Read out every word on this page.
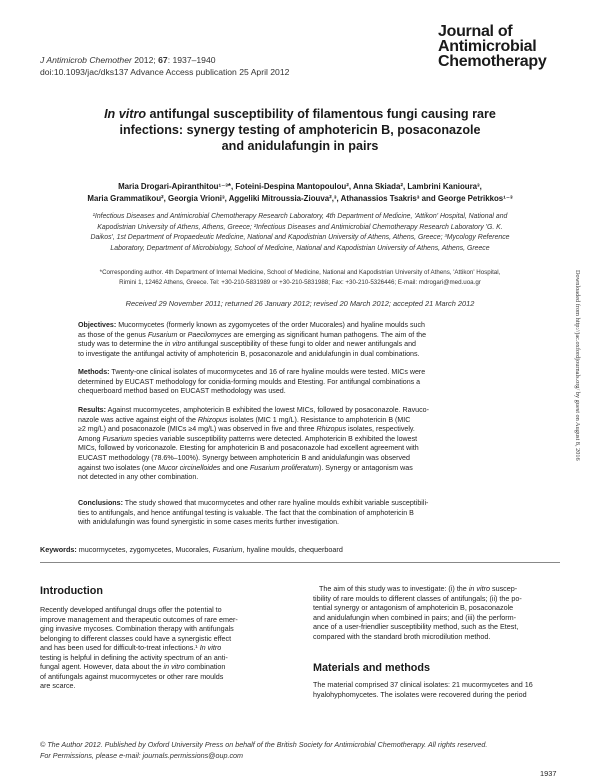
J Antimicrob Chemother 2012; 67: 1937–1940
doi:10.1093/jac/dks137 Advance Access publication 25 April 2012
Journal of
Antimicrobial
Chemotherapy
In vitro antifungal susceptibility of filamentous fungi causing rare
infections: synergy testing of amphotericin B, posaconazole
and anidulafungin in pairs
Maria Drogari-Apiranthitou¹⁻³*, Foteini-Despina Mantopoulou², Anna Skiada², Lambrini Kanioura³,
Maria Grammatikou², Georgia Vrioni³, Aggeliki Mitroussia-Ziouva²,³, Athanassios Tsakris³ and George Petrikkos¹⁻³
¹Infectious Diseases and Antimicrobial Chemotherapy Research Laboratory, 4th Department of Medicine, 'Attikon' Hospital, National and
Kapodistrian University of Athens, Athens, Greece; ²Infectious Diseases and Antimicrobial Chemotherapy Research Laboratory 'G. K.
Daikos', 1st Department of Propaedeutic Medicine, National and Kapodistrian University of Athens, Athens, Greece; ³Mycology Reference
Laboratory, Department of Microbiology, School of Medicine, National and Kapodistrian University of Athens, Athens, Greece
*Corresponding author. 4th Department of Internal Medicine, School of Medicine, National and Kapodistrian University of Athens, 'Attikon' Hospital,
Rimini 1, 12462 Athens, Greece. Tel: +30-210-5831989 or +30-210-5831988; Fax: +30-210-5326446; E-mail: mdrogari@med.uoa.gr
Received 29 November 2011; returned 26 January 2012; revised 20 March 2012; accepted 21 March 2012
Objectives: Mucormycetes (formerly known as zygomycetes of the order Mucorales) and hyaline moulds such
as those of the genus Fusarium or Paecilomyces are emerging as significant human pathogens. The aim of the
study was to determine the in vitro antifungal susceptibility of these fungi to older and newer antifungals and
to investigate the antifungal activity of amphotericin B, posaconazole and anidulafungin in dual combinations.
Methods: Twenty-one clinical isolates of mucormycetes and 16 of rare hyaline moulds were tested. MICs were
determined by EUCAST methodology for conidia-forming moulds and Etesting. For antifungal combinations a
chequerboard method based on EUCAST methodology was used.
Results: Against mucormycetes, amphotericin B exhibited the lowest MICs, followed by posaconazole. Ravuco-
nazole was active against eight of the Rhizopus isolates (MIC 1 mg/L). Resistance to amphotericin B (MIC
≥2 mg/L) and posaconazole (MICs ≥4 mg/L) was observed in five and three Rhizopus isolates, respectively.
Among Fusarium species variable susceptibility patterns were detected. Amphotericin B exhibited the lowest
MICs, followed by voriconazole. Etesting for amphotericin B and posaconazole had excellent agreement with
EUCAST methodology (78.6%–100%). Synergy between amphotericin B and anidulafungin was observed
against two isolates (one Mucor circinelloides and one Fusarium proliferatum). Synergy or antagonism was
not detected in any other combination.
Conclusions: The study showed that mucormycetes and other rare hyaline moulds exhibit variable susceptibili-
ties to antifungals, and hence antifungal testing is valuable. The fact that the combination of amphotericin B
with anidulafungin was found synergistic in some cases merits further investigation.
Keywords: mucormycetes, zygomycetes, Mucorales, Fusarium, hyaline moulds, chequerboard
Introduction
Recently developed antifungal drugs offer the potential to
improve management and therapeutic outcomes of rare emer-
ging invasive mycoses. Combination therapy with antifungals
belonging to different classes could have a synergistic effect
and has been used for difficult-to-treat infections.¹ In vitro
testing is helpful in defining the activity spectrum of an anti-
fungal agent. However, data about the in vitro combination
of antifungals against mucormycetes or other rare moulds
are scarce.
The aim of this study was to investigate: (i) the in vitro suscep-
tibility of rare moulds to different classes of antifungals; (ii) the po-
tential synergy or antagonism of amphotericin B, posaconazole
and anidulafungin when combined in pairs; and (iii) the perform-
ance of a user-friendlier susceptibility method, such as the Etest,
compared with the standard broth microdilution method.
Materials and methods
The material comprised 37 clinical isolates: 21 mucormycetes and 16
hyalohyphomycetes. The isolates were recovered during the period
© The Author 2012. Published by Oxford University Press on behalf of the British Society for Antimicrobial Chemotherapy. All rights reserved.
For Permissions, please e-mail: journals.permissions@oup.com
1937
Downloaded from http://jac.oxfordjournals.org/ by guest on August 8, 2016
